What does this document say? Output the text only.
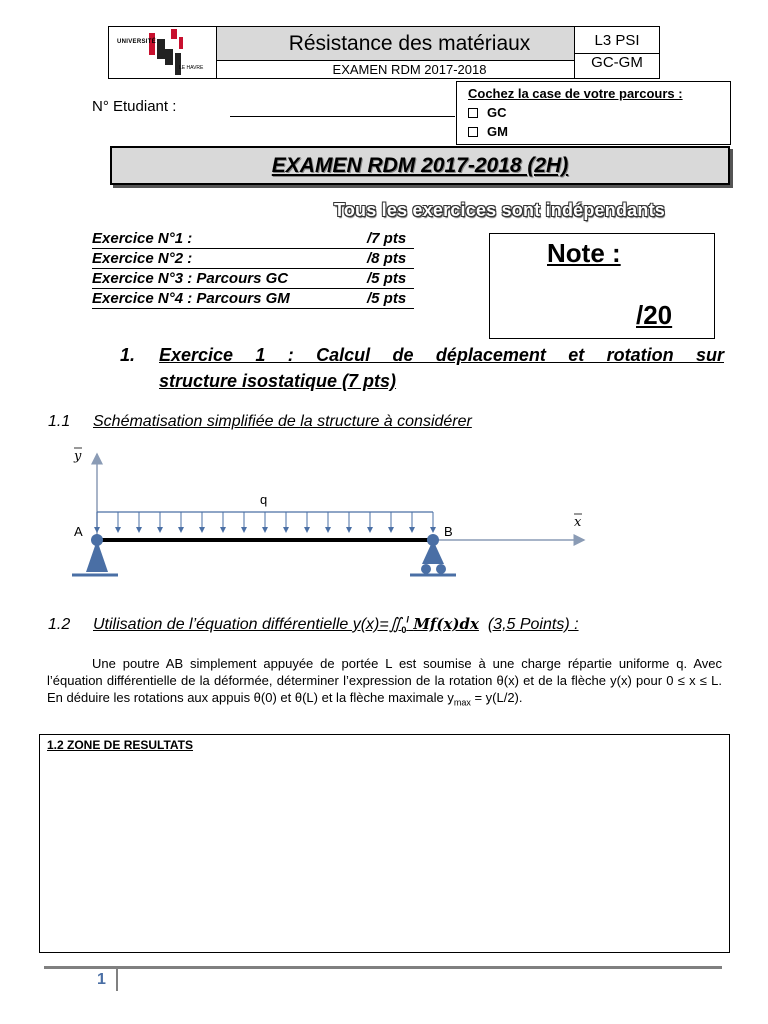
UNIVERSITÉ
LE HAVRE
Résistance des matériaux
EXAMEN RDM 2017-2018
L3 PSI
GC-GM
N° Etudiant :
Cochez la case de votre parcours :
GC
GM
EXAMEN RDM 2017-2018 (2H)
Tous les exercices sont indépendants
Exercice N°1 :	/7 pts
Exercice N°2 :	/8 pts
Exercice N°3 : Parcours GC	/5 pts
Exercice N°4 : Parcours GM	/5 pts
Note :
/20
1. Exercice 1 : Calcul de déplacement et rotation sur
structure isostatique (7 pts)
1.1 Schématisation simplifiée de la structure à considérer
y
x
q
A	B
1.2 Utilisation de l’équation différentielle $y(x)=∬_0^l$ Mf(x)dx (3,5 Points) :
Une poutre AB simplement appuyée de portée L est soumise à une charge répartie uniforme q. Avec l’équation différentielle de la déformée, déterminer l’expression de la rotation θ(x) et de la flèche y(x) pour 0 ≤ x ≤ L. En déduire les rotations aux appuis θ(0) et θ(L) et la flèche maximale $y_{max} = y(L/2)$.
1.2 ZONE DE RESULTATS
1
